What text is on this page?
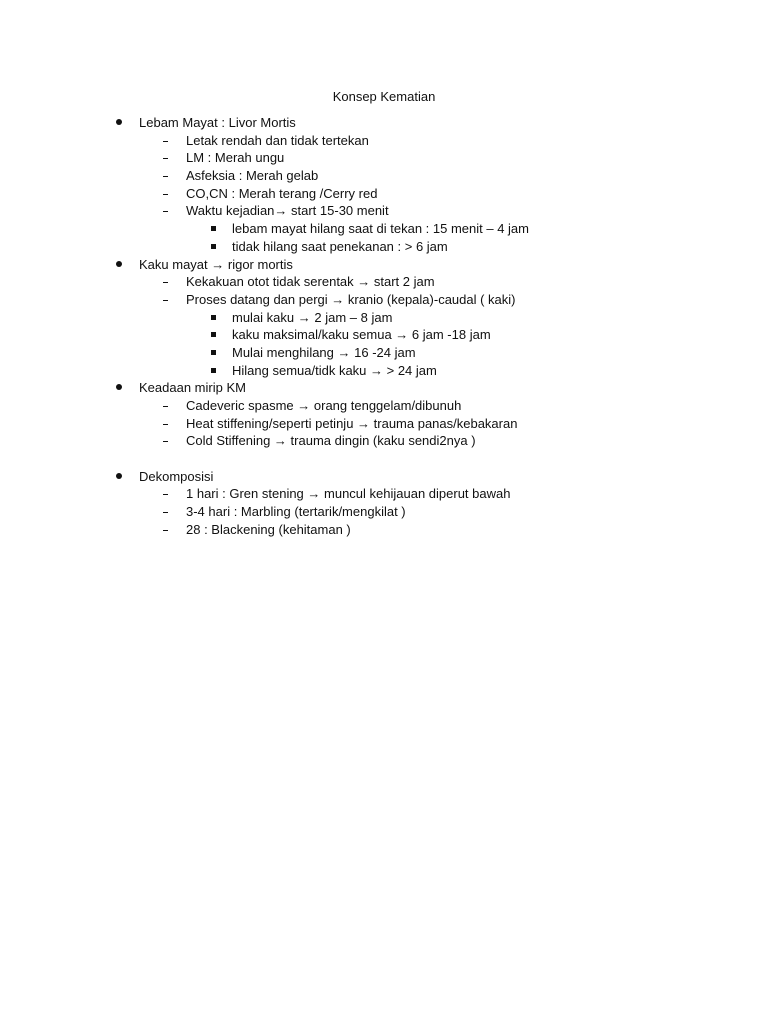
Konsep Kematian
Lebam Mayat : Livor Mortis
Letak rendah dan tidak tertekan
LM : Merah ungu
Asfeksia : Merah gelab
CO,CN : Merah terang /Cerry red
Waktu kejadian→ start 15-30 menit
lebam mayat hilang saat di tekan : 15 menit – 4 jam
tidak hilang saat penekanan : > 6 jam
Kaku mayat → rigor mortis
Kekakuan otot tidak serentak → start 2 jam
Proses datang dan pergi → kranio (kepala)-caudal ( kaki)
mulai kaku → 2 jam – 8 jam
kaku maksimal/kaku semua → 6 jam -18 jam
Mulai menghilang → 16 -24 jam
Hilang semua/tidk kaku → > 24 jam
Keadaan mirip KM
Cadeveric spasme → orang tenggelam/dibunuh
Heat stiffening/seperti petinju → trauma panas/kebakaran
Cold Stiffening → trauma dingin (kaku sendi2nya )
Dekomposisi
1 hari : Gren stening → muncul kehijauan diperut bawah
3-4 hari : Marbling (tertarik/mengkilat )
28 : Blackening (kehitaman )
